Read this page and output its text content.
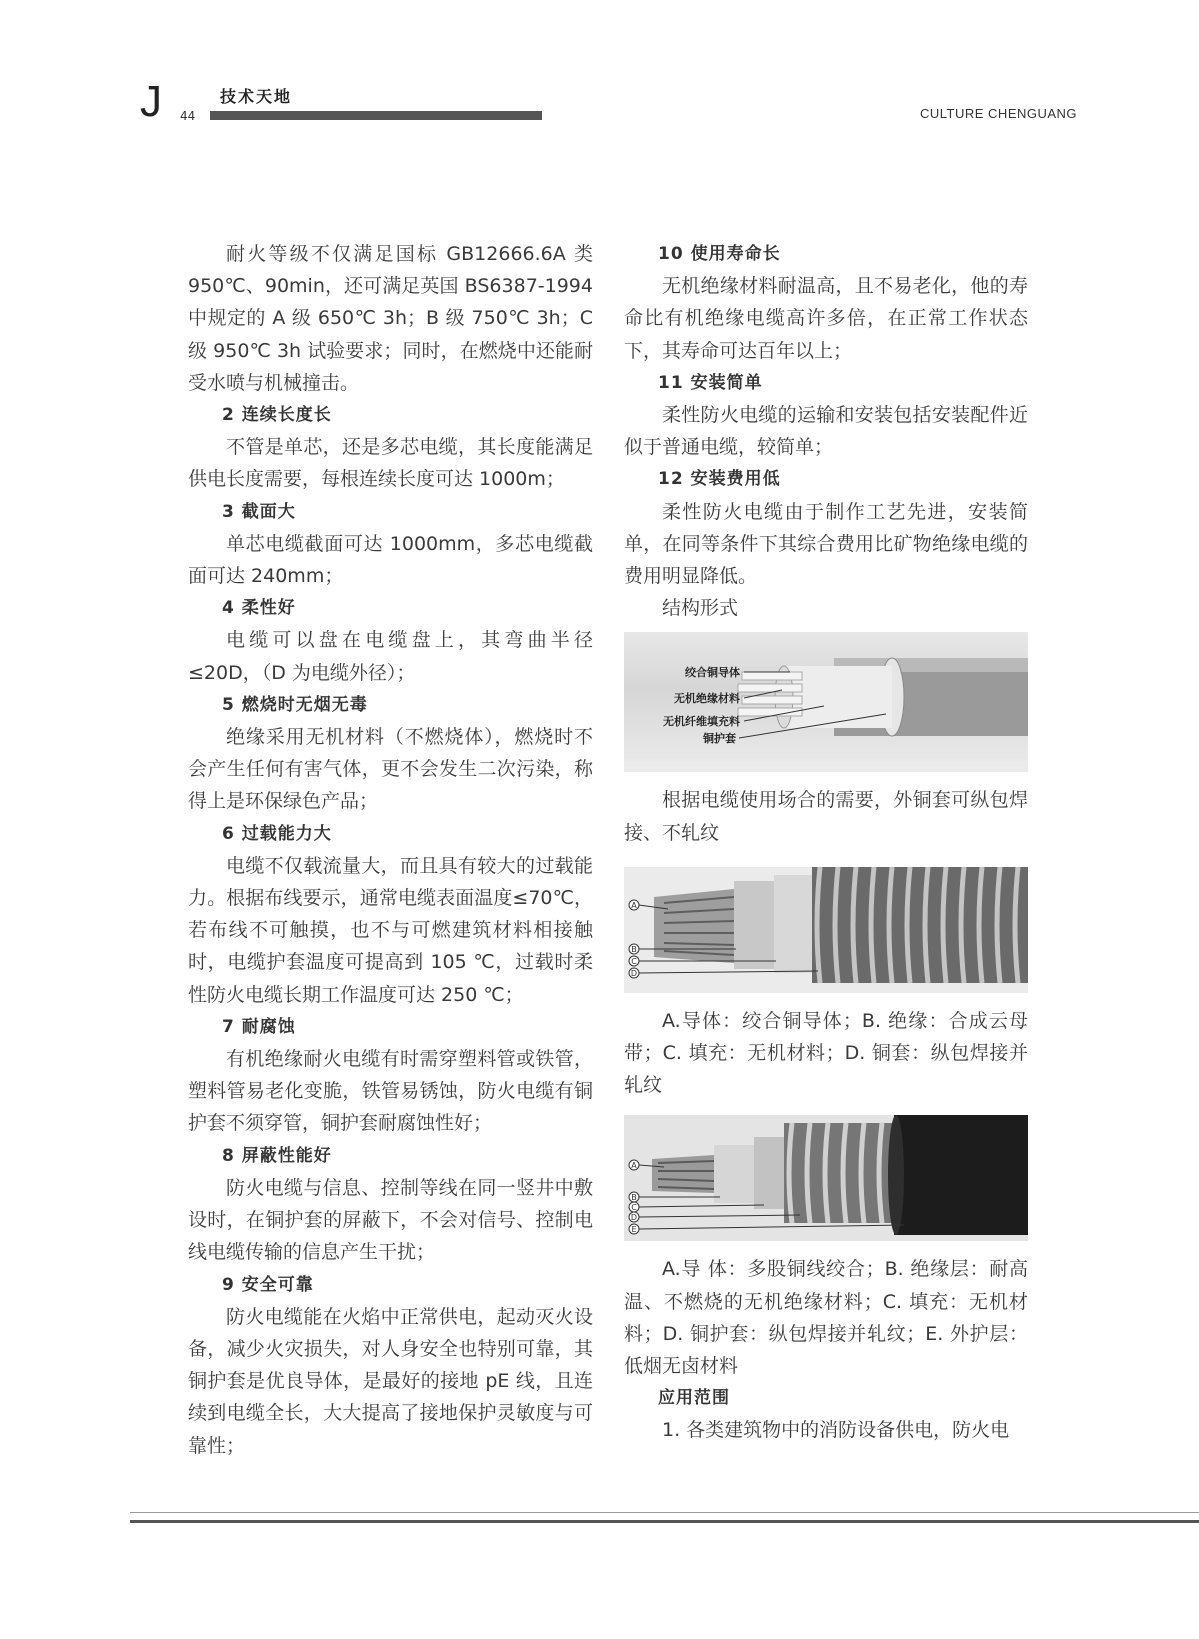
J 44
技术天地
CULTURE CHENGUANG

耐火等级不仅满足国标 GB12666.6A 类 950℃、90min，还可满足英国 BS6387-1994 中规定的 A 级 650℃ 3h；B 级 750℃ 3h；C 级 950℃ 3h 试验要求；同时，在燃烧中还能耐受水喷与机械撞击。

2 连续长度长

不管是单芯，还是多芯电缆，其长度能满足供电长度需要，每根连续长度可达 1000m；

3 截面大

单芯电缆截面可达 1000mm，多芯电缆截面可达 240mm；

4 柔性好

电缆可以盘在电缆盘上，其弯曲半径≤20D，（D 为电缆外径）；

5 燃烧时无烟无毒

绝缘采用无机材料（不燃烧体），燃烧时不会产生任何有害气体，更不会发生二次污染，称得上是环保绿色产品；

6 过载能力大

电缆不仅载流量大，而且具有较大的过载能力。根据布线要示，通常电缆表面温度≤70℃，若布线不可触摸，也不与可燃建筑材料相接触时，电缆护套温度可提高到 105 ℃，过载时柔性防火电缆长期工作温度可达 250 ℃；

7 耐腐蚀

有机绝缘耐火电缆有时需穿塑料管或铁管，塑料管易老化变脆，铁管易锈蚀，防火电缆有铜护套不须穿管，铜护套耐腐蚀性好；

8 屏蔽性能好

防火电缆与信息、控制等线在同一竖井中敷设时，在铜护套的屏蔽下，不会对信号、控制电线电缆传输的信息产生干扰；

9 安全可靠

防火电缆能在火焰中正常供电，起动灭火设备，减少火灾损失，对人身安全也特别可靠，其铜护套是优良导体，是最好的接地 pE 线，且连续到电缆全长，大大提高了接地保护灵敏度与可靠性；

10 使用寿命长

无机绝缘材料耐温高，且不易老化，他的寿命比有机绝缘电缆高许多倍，在正常工作状态下，其寿命可达百年以上；

11 安装简单

柔性防火电缆的运输和安装包括安装配件近似于普通电缆，较简单；

12 安装费用低

柔性防火电缆由于制作工艺先进，安装简单，在同等条件下其综合费用比矿物绝缘电缆的费用明显降低。

结构形式

绞合铜导体
无机绝缘材料
无机纤维填充料
铜护套

根据电缆使用场合的需要，外铜套可纵包焊接、不轧纹

A
B
C
D

A.导体：绞合铜导体；B. 绝缘：合成云母带；C. 填充：无机材料；D. 铜套：纵包焊接并轧纹

A
B
C
D
E

A.导 体：多股铜线绞合；B. 绝缘层：耐高温、不燃烧的无机绝缘材料；C. 填充：无机材料；D. 铜护套：纵包焊接并轧纹；E. 外护层：低烟无卤材料

应用范围

1. 各类建筑物中的消防设备供电，防火电
